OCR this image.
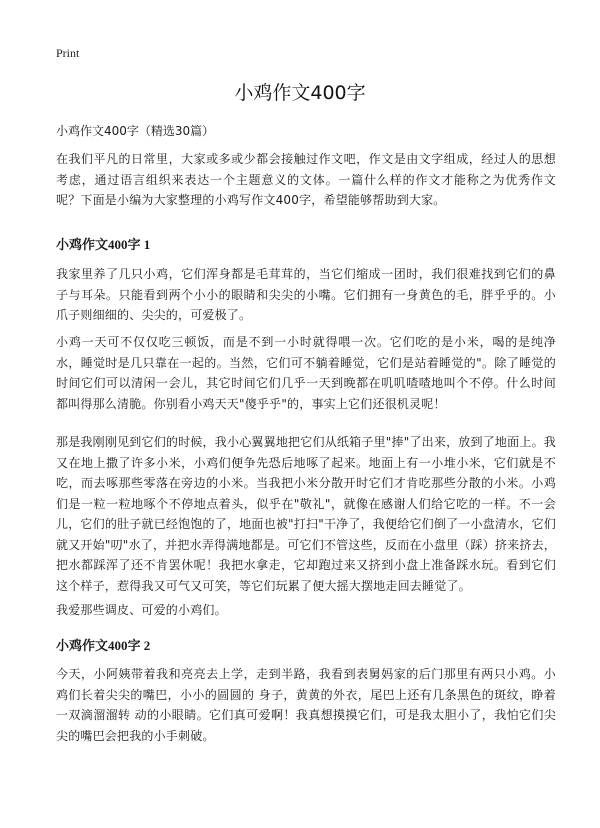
Print
小鸡作文400字
小鸡作文400字（精选30篇）

在我们平凡的日常里，大家或多或少都会接触过作文吧，作文是由文字组成，经过人的思想考虑，通过语言组织来表达一个主题意义的文体。一篇什么样的作文才能称之为优秀作文呢？下面是小编为大家整理的小鸡写作文400字，希望能够帮助到大家。

小鸡作文400字 1

我家里养了几只小鸡，它们浑身都是毛茸茸的，当它们缩成一团时，我们很难找到它们的鼻子与耳朵。只能看到两个小小的眼睛和尖尖的小嘴。它们拥有一身黄色的毛，胖乎乎的。小爪子则细细的、尖尖的，可爱极了。

小鸡一天可不仅仅吃三顿饭，而是不到一小时就得喂一次。它们吃的是小米，喝的是纯净水，睡觉时是几只靠在一起的。当然，它们可不躺着睡觉，它们是站着睡觉的"。除了睡觉的时间它们可以清闲一会儿，其它时间它们几乎一天到晚都在叽叽喳喳地叫个不停。什么时间都叫得那么清脆。你别看小鸡天天"傻乎乎"的，事实上它们还很机灵呢！

那是我刚刚见到它们的时候，我小心翼翼地把它们从纸箱子里"捧"了出来，放到了地面上。我又在地上撒了许多小米，小鸡们便争先恐后地啄了起来。地面上有一小堆小米，它们就是不吃，而去啄那些零落在旁边的小米。当我把小米分散开时它们才肯吃那些分散的小米。小鸡们是一粒一粒地啄个不停地点着头，似乎在"敬礼"，就像在感谢人们给它吃的一样。不一会儿，它们的肚子就已经饱饱的了，地面也被"打扫"干净了，我便给它们倒了一小盘清水，它们就又开始"叨"水了，并把水弄得满地都是。可它们不管这些，反而在小盘里（踩）挤来挤去，把水都踩浑了还不肯罢休呢！我把水拿走，它却跑过来又挤到小盘上准备踩水玩。看到它们这个样子，惹得我又可气又可笑，等它们玩累了便大摇大摆地走回去睡觉了。

我爱那些调皮、可爱的小鸡们。

小鸡作文400字 2

今天，小阿姨带着我和亮亮去上学，走到半路，我看到表舅妈家的后门那里有两只小鸡。小鸡们长着尖尖的嘴巴，小小的圆圆的 身子，黄黄的外衣，尾巴上还有几条黑色的斑纹，睁着一双滴溜溜转 动的小眼睛。它们真可爱啊！我真想摸摸它们，可是我太胆小了，我怕它们尖尖的嘴巴会把我的小手刺破。
